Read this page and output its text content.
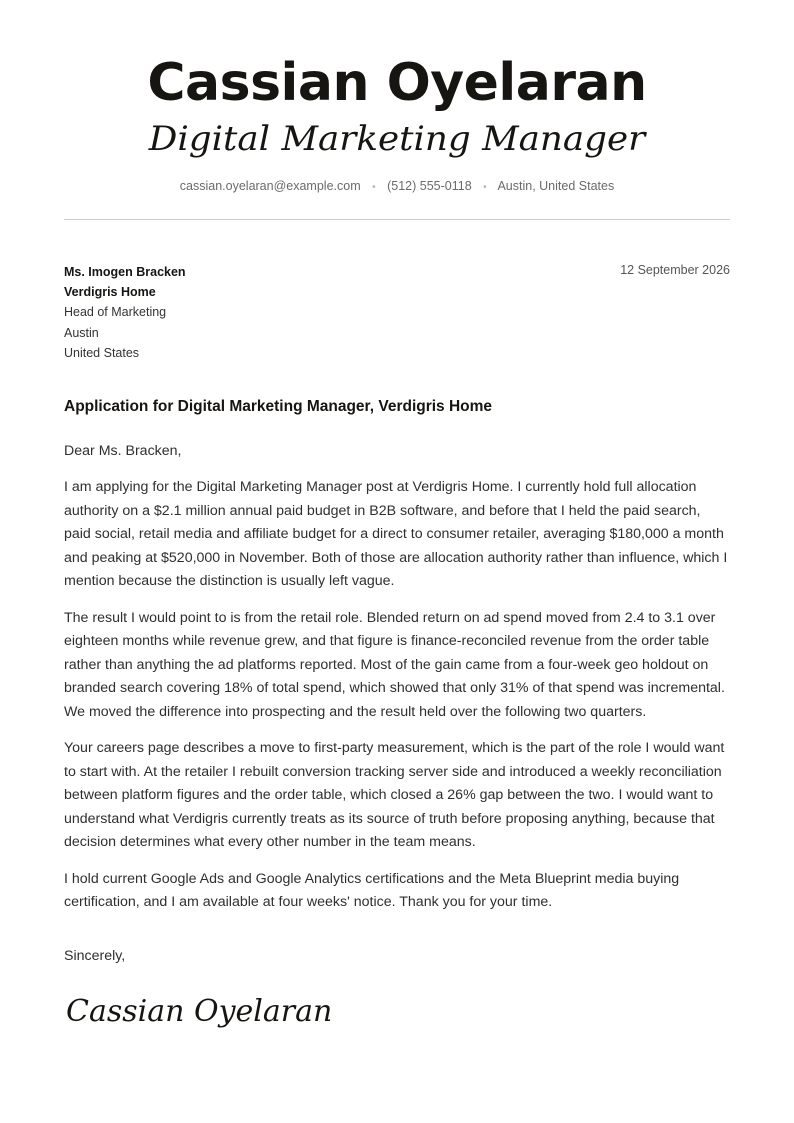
Cassian Oyelaran
Digital Marketing Manager
cassian.oyelaran@example.com • (512) 555-0118 • Austin, United States
Ms. Imogen Bracken
Verdigris Home
Head of Marketing
Austin
United States
12 September 2026
Application for Digital Marketing Manager, Verdigris Home

Dear Ms. Bracken,

I am applying for the Digital Marketing Manager post at Verdigris Home. I currently hold full allocation authority on a $2.1 million annual paid budget in B2B software, and before that I held the paid search, paid social, retail media and affiliate budget for a direct to consumer retailer, averaging $180,000 a month and peaking at $520,000 in November. Both of those are allocation authority rather than influence, which I mention because the distinction is usually left vague.

The result I would point to is from the retail role. Blended return on ad spend moved from 2.4 to 3.1 over eighteen months while revenue grew, and that figure is finance-reconciled revenue from the order table rather than anything the ad platforms reported. Most of the gain came from a four-week geo holdout on branded search covering 18% of total spend, which showed that only 31% of that spend was incremental. We moved the difference into prospecting and the result held over the following two quarters.

Your careers page describes a move to first-party measurement, which is the part of the role I would want to start with. At the retailer I rebuilt conversion tracking server side and introduced a weekly reconciliation between platform figures and the order table, which closed a 26% gap between the two. I would want to understand what Verdigris currently treats as its source of truth before proposing anything, because that decision determines what every other number in the team means.

I hold current Google Ads and Google Analytics certifications and the Meta Blueprint media buying certification, and I am available at four weeks' notice. Thank you for your time.

Sincerely,
Cassian Oyelaran
